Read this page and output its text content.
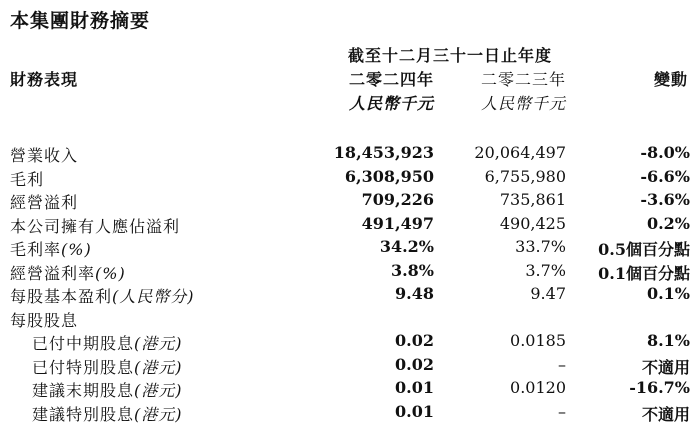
本集團財務摘要
截至十二月三十一日止年度
財務表現	二零二四年	二零二三年
人民幣千元	人民幣千元
變動
營業收入	18,453,923	20,064,497	-8.0%
毛利	6,308,950	6,755,980	-6.6%
經營溢利	709,226	735,861	-3.6%
本公司擁有人應佔溢利	491,497	490,425	0.2%
毛利率(%)	34.2%	33.7% 0.5個百分點
經營溢利率(%)	3.8%	3.7% 0.1個百分點
每股基本盈利(人民幣分)	9.48	9.47	0.1%
每股股息
已付中期股息(港元)	0.02	0.0185	8.1%
已付特別股息(港元)	0.02	–	不適用
建議末期股息(港元)	0.01	0.0120	-16.7%
建議特別股息(港元)	0.01	–	不適用
